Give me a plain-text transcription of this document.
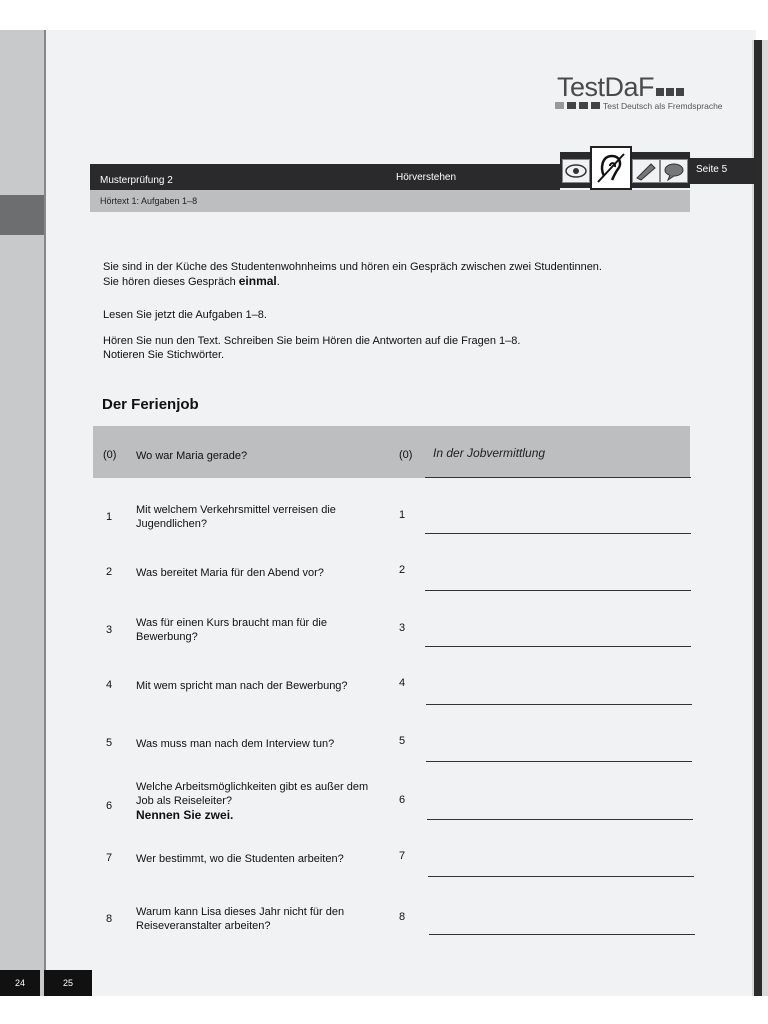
TestDaF
Test Deutsch als Fremdsprache
Musterprüfung 2	Hörverstehen
Seite 5
Hörtext 1: Aufgaben 1–8
Sie sind in der Küche des Studentenwohnheims und hören ein Gespräch zwischen zwei Studentinnen.
Sie hören dieses Gespräch einmal.
Lesen Sie jetzt die Aufgaben 1–8.
Hören Sie nun den Text. Schreiben Sie beim Hören die Antworten auf die Fragen 1–8.
Notieren Sie Stichwörter.
Der Ferienjob
(0) Wo war Maria gerade?	(0) In der Jobvermittlung
1
Mit welchem Verkehrsmittel verreisen die
Jugendlichen?
1
2 Was bereitet Maria für den Abend vor?	2
3
Was für einen Kurs braucht man für die
Bewerbung?
3
4 Mit wem spricht man nach der Bewerbung?	4
5 Was muss man nach dem Interview tun?	5
6
Welche Arbeitsmöglichkeiten gibt es außer dem
Job als Reiseleiter?
Nennen Sie zwei.
6
7 Wer bestimmt, wo die Studenten arbeiten?	7
8
Warum kann Lisa dieses Jahr nicht für den
Reiseveranstalter arbeiten?
8
24	25
